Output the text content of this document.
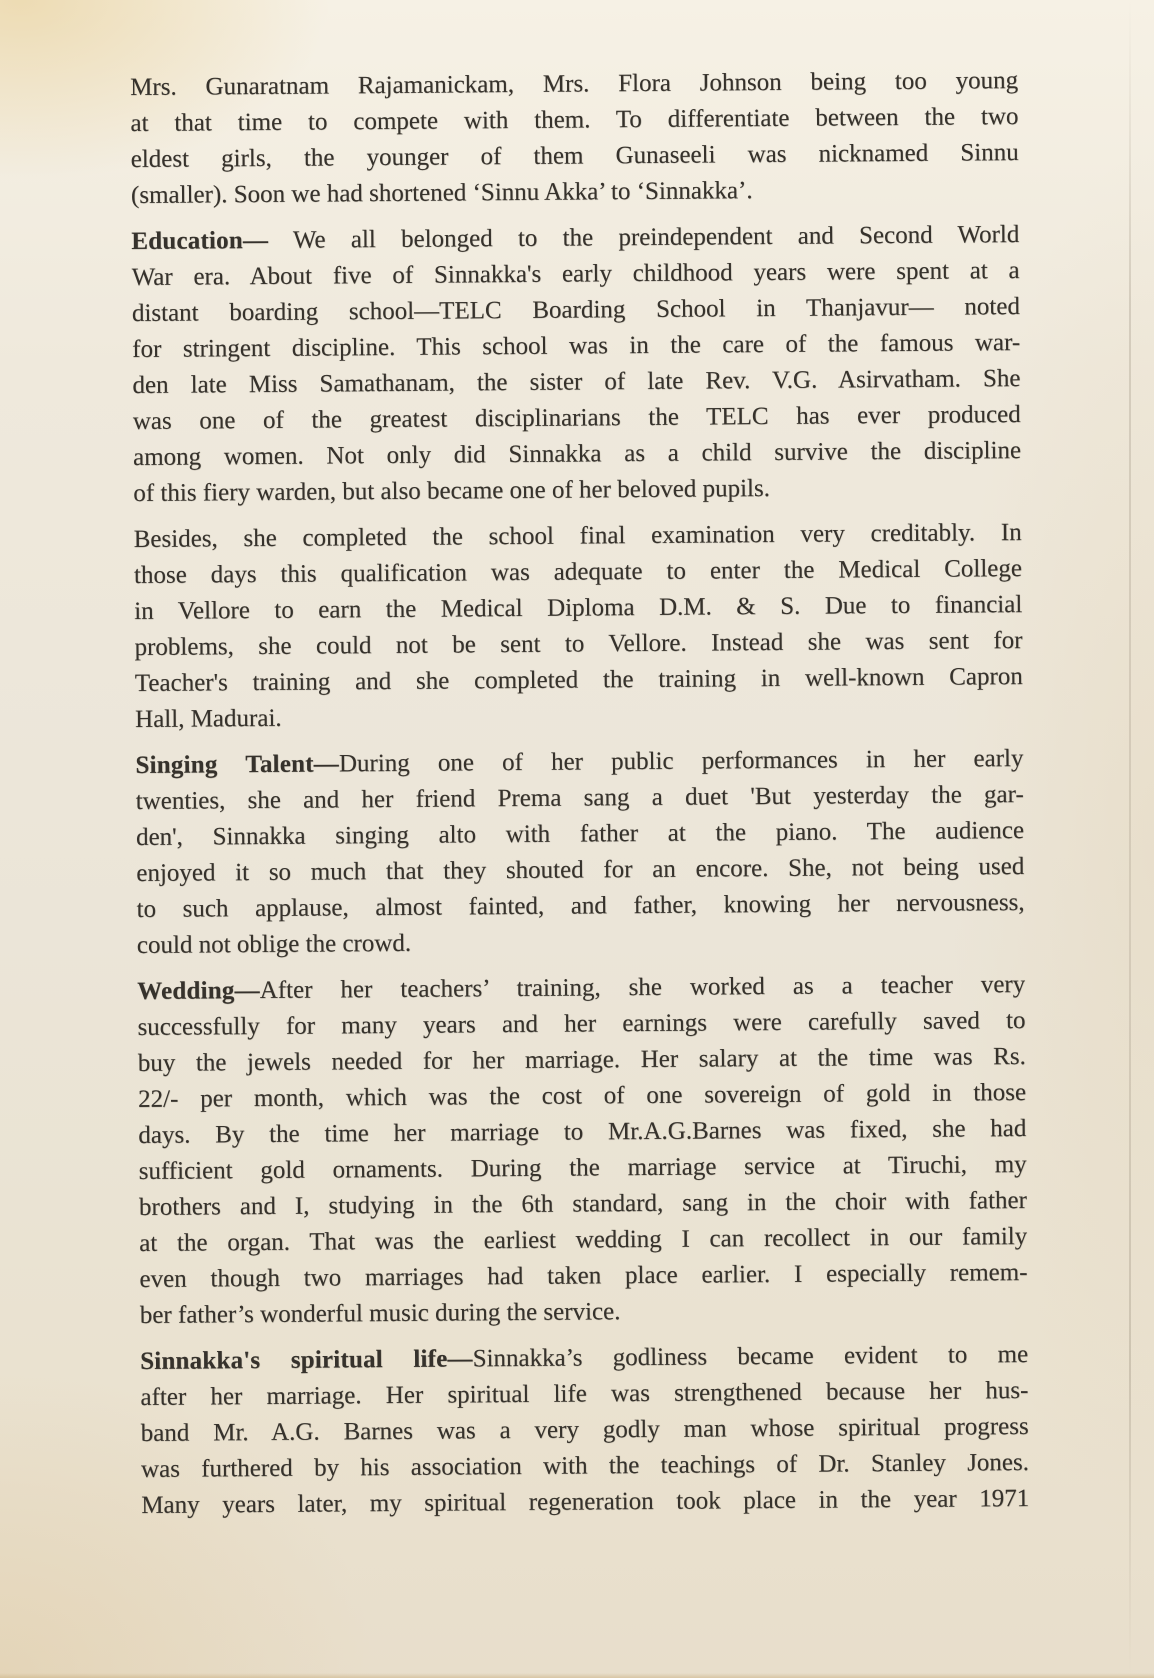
Mrs. Gunaratnam Rajamanickam, Mrs. Flora Johnson being too young
at that time to compete with them. To differentiate between the two
eldest girls, the younger of them Gunaseeli was nicknamed Sinnu
(smaller). Soon we had shortened ‘Sinnu Akka’ to ‘Sinnakka’.
Education— We all belonged to the preindependent and Second World
War era. About five of Sinnakka's early childhood years were spent at a
distant boarding school—TELC Boarding School in Thanjavur— noted
for stringent discipline. This school was in the care of the famous war-
den late Miss Samathanam, the sister of late Rev. V.G. Asirvatham. She
was one of the greatest disciplinarians the TELC has ever produced
among women. Not only did Sinnakka as a child survive the discipline
of this fiery warden, but also became one of her beloved pupils.
Besides, she completed the school final examination very creditably. In
those days this qualification was adequate to enter the Medical College
in Vellore to earn the Medical Diploma D.M. & S. Due to financial
problems, she could not be sent to Vellore. Instead she was sent for
Teacher's training and she completed the training in well-known Capron
Hall, Madurai.
Singing Talent—During one of her public performances in her early
twenties, she and her friend Prema sang a duet 'But yesterday the gar-
den', Sinnakka singing alto with father at the piano. The audience
enjoyed it so much that they shouted for an encore. She, not being used
to such applause, almost fainted, and father, knowing her nervousness,
could not oblige the crowd.
Wedding—After her teachers’ training, she worked as a teacher very
successfully for many years and her earnings were carefully saved to
buy the jewels needed for her marriage. Her salary at the time was Rs.
22/- per month, which was the cost of one sovereign of gold in those
days. By the time her marriage to Mr.A.G.Barnes was fixed, she had
sufficient gold ornaments. During the marriage service at Tiruchi, my
brothers and I, studying in the 6th standard, sang in the choir with father
at the organ. That was the earliest wedding I can recollect in our family
even though two marriages had taken place earlier. I especially remem-
ber father’s wonderful music during the service.
Sinnakka's spiritual life—Sinnakka’s godliness became evident to me
after her marriage. Her spiritual life was strengthened because her hus-
band Mr. A.G. Barnes was a very godly man whose spiritual progress
was furthered by his association with the teachings of Dr. Stanley Jones.
Many years later, my spiritual regeneration took place in the year 1971
